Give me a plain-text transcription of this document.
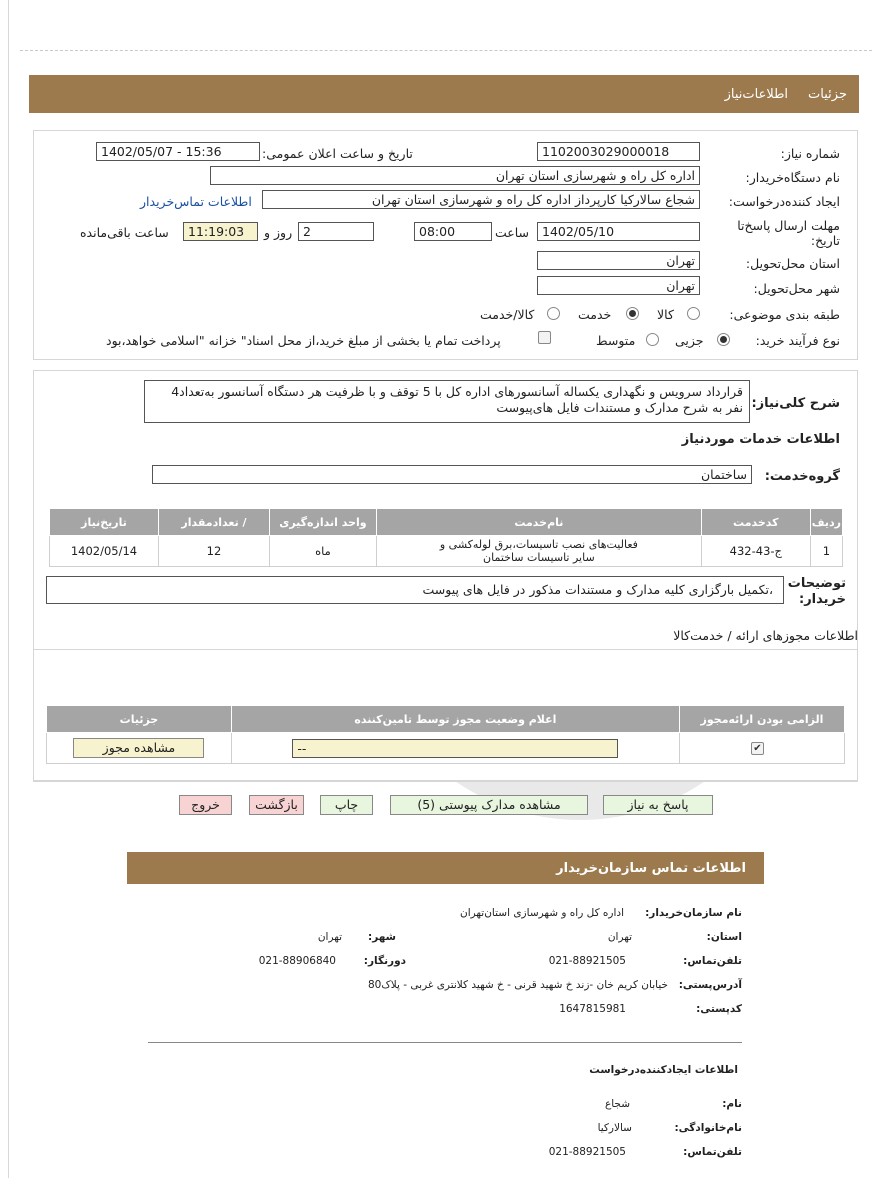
جزئیات
اطلاعات‌نیاز
شماره نیاز:
1102003029000018
تاریخ و ساعت اعلان عمومی:
1402/05/07 - 15:36
نام دستگاه‌خریدار:
اداره کل راه و شهرسازی استان تهران
ایجاد کننده‌درخواست:
شجاع سالارکیا کارپرداز اداره کل راه و شهرسازی استان تهران
اطلاعات تماس‌خریدار
مهلت ارسال پاسخ‌تا تاریخ:
1402/05/10
ساعت
08:00
2
روز و
11:19:03
ساعت باقی‌مانده
استان محل‌تحویل:
تهران
شهر محل‌تحویل:
تهران
طبقه بندی موضوعی:
کالا
خدمت
کالا/خدمت
نوع فرآیند خرید:
جزیی
متوسط
پرداخت تمام یا بخشی از مبلغ خرید،از محل اسناد" خزانه "اسلامی خواهد،بود
شرح کلی‌نیاز:
قرارداد سرویس و نگهداری یکساله آسانسورهای اداره کل با 5 توقف و با ظرفیت هر دستگاه آسانسور به‌تعداد4 نفر به شرح مدارک و مستندات فایل های‌پیوست
اطلاعات خدمات موردنیاز
گروه‌خدمت:
ساختمان
ردیف	کدخدمت	نام‌خدمت	واحد اندازه‌گیری	/ تعدادمقدار	تاریخ‌نیاز
1	ج-43-432	فعالیت‌های نصب تاسیسات،برق لوله‌کشی و سایر تاسیسات ساختمان	ماه	12	1402/05/14
توضیحات خریدار:
،تکمیل بارگزاری کلیه مدارک و مستندات مذکور در فایل های پیوست
اطلاعات مجوزهای ارائه / خدمت‌کالا
الزامی بودن ارائه‌مجوز	اعلام وضعیت مجوز توسط تامین‌کننده	جزئیات
✔	--	مشاهده مجوز
پاسخ به نیاز
مشاهده مدارک پیوستی (5)
چاپ
بازگشت
خروج
اطلاعات تماس سازمان‌خریدار
نام سازمان‌خریدار:
اداره کل راه و شهرسازی استان‌تهران
استان:
تهران
شهر:
تهران
تلفن‌تماس:
021-88921505
دورنگار:
021-88906840
آدرس‌پستی:
خیابان کریم خان -زند خ شهید قرنی - خ شهید کلانتری غربی - پلاک80
کدپستی:
1647815981
اطلاعات ایجادکننده‌درخواست
نام:
شجاع
نام‌خانوادگی:
سالارکیا
تلفن‌تماس:
021-88921505
